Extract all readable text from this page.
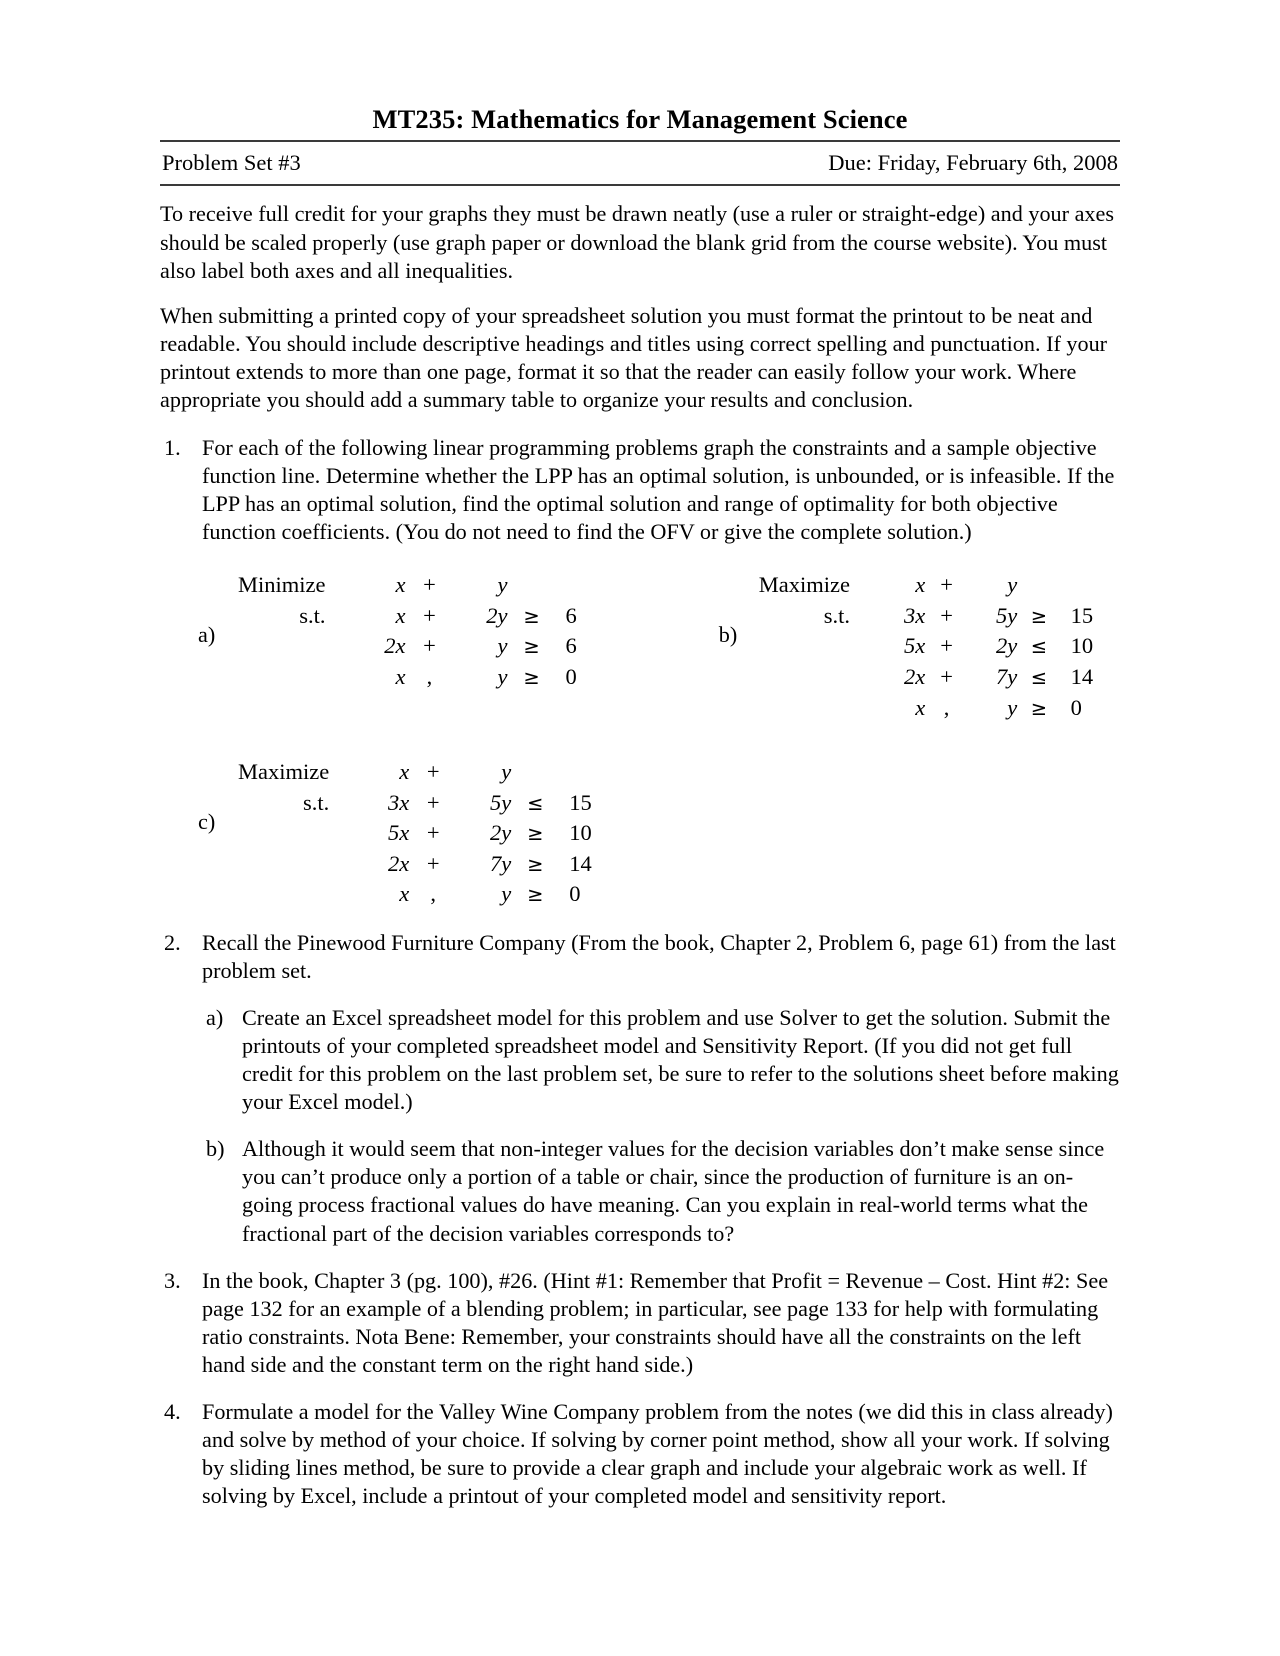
MT235: Mathematics for Management Science
Problem Set #3	Due: Friday, February 6th, 2008

To receive full credit for your graphs they must be drawn neatly (use a ruler or straight-edge) and your axes should be scaled properly (use graph paper or download the blank grid from the course website). You must also label both axes and all inequalities.

When submitting a printed copy of your spreadsheet solution you must format the printout to be neat and readable. You should include descriptive headings and titles using correct spelling and punctuation. If your printout extends to more than one page, format it so that the reader can easily follow your work. Where appropriate you should add a summary table to organize your results and conclusion.

1. For each of the following linear programming problems graph the constraints and a sample objective function line. Determine whether the LPP has an optimal solution, is unbounded, or is infeasible. If the LPP has an optimal solution, find the optimal solution and range of optimality for both objective function coefficients. (You do not need to find the OFV or give the complete solution.)
a)
Minimize	x	+	y		
s.t.	x	+	2y	≥	6
	2x	+	y	≥	6
	x	,	y	≥	0
b)
Maximize	x	+	y		
s.t.	3x	+	5y	≥	15
	5x	+	2y	≤	10
	2x	+	7y	≤	14
	x	,	y	≥	0
c)
Maximize	x	+	y		
s.t.	3x	+	5y	≤	15
	5x	+	2y	≥	10
	2x	+	7y	≥	14
	x	,	y	≥	0
2. Recall the Pinewood Furniture Company (From the book, Chapter 2, Problem 6, page 61) from the last problem set.
a) Create an Excel spreadsheet model for this problem and use Solver to get the solution. Submit the printouts of your completed spreadsheet model and Sensitivity Report. (If you did not get full credit for this problem on the last problem set, be sure to refer to the solutions sheet before making your Excel model.)
b) Although it would seem that non-integer values for the decision variables don’t make sense since you can’t produce only a portion of a table or chair, since the production of furniture is an on-going process fractional values do have meaning. Can you explain in real-world terms what the fractional part of the decision variables corresponds to?
3. In the book, Chapter 3 (pg. 100), #26. (Hint #1: Remember that Profit = Revenue – Cost. Hint #2: See page 132 for an example of a blending problem; in particular, see page 133 for help with formulating ratio constraints. Nota Bene: Remember, your constraints should have all the constraints on the left hand side and the constant term on the right hand side.)
4. Formulate a model for the Valley Wine Company problem from the notes (we did this in class already) and solve by method of your choice. If solving by corner point method, show all your work. If solving by sliding lines method, be sure to provide a clear graph and include your algebraic work as well. If solving by Excel, include a printout of your completed model and sensitivity report.
